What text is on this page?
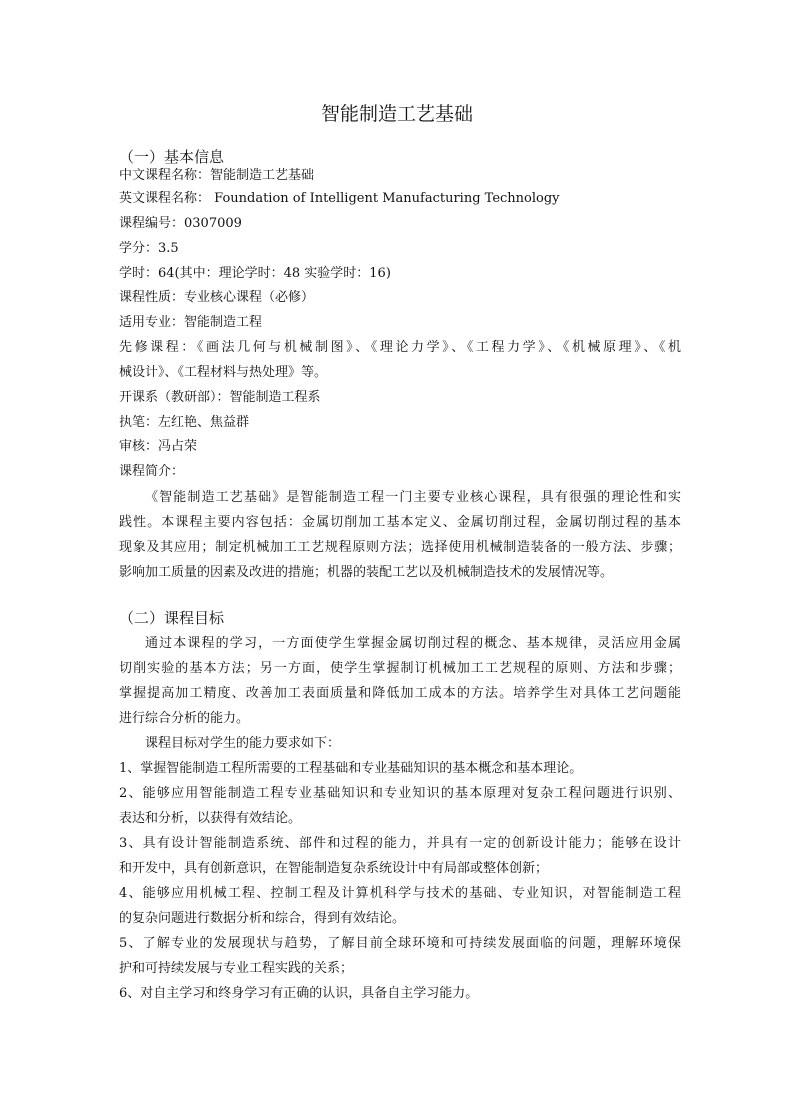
智能制造工艺基础
（一）基本信息
中文课程名称：智能制造工艺基础
英文课程名称： Foundation of Intelligent Manufacturing Technology
课程编号：0307009
学分：3.5
学时：64(其中：理论学时：48 实验学时：16)
课程性质：专业核心课程（必修）
适用专业：智能制造工程
先修课程：《画法几何与机械制图》、《理论力学》、《工程力学》、《机械原理》、《机
械设计》、《工程材料与热处理》等。
开课系（教研部）：智能制造工程系
执笔：左红艳、焦益群
审核：冯占荣
课程简介：
《智能制造工艺基础》是智能制造工程一门主要专业核心课程，具有很强的理论性和实
践性。本课程主要内容包括：金属切削加工基本定义、金属切削过程，金属切削过程的基本
现象及其应用；制定机械加工工艺规程原则方法；选择使用机械制造装备的一般方法、步骤；
影响加工质量的因素及改进的措施；机器的装配工艺以及机械制造技术的发展情况等。
（二）课程目标
通过本课程的学习，一方面使学生掌握金属切削过程的概念、基本规律，灵活应用金属
切削实验的基本方法；另一方面，使学生掌握制订机械加工工艺规程的原则、方法和步骤；
掌握提高加工精度、改善加工表面质量和降低加工成本的方法。培养学生对具体工艺问题能
进行综合分析的能力。
课程目标对学生的能力要求如下：
1、掌握智能制造工程所需要的工程基础和专业基础知识的基本概念和基本理论。
2、能够应用智能制造工程专业基础知识和专业知识的基本原理对复杂工程问题进行识别、
表达和分析，以获得有效结论。
3、具有设计智能制造系统、部件和过程的能力，并具有一定的创新设计能力；能够在设计
和开发中，具有创新意识，在智能制造复杂系统设计中有局部或整体创新；
4、能够应用机械工程、控制工程及计算机科学与技术的基础、专业知识，对智能制造工程
的复杂问题进行数据分析和综合，得到有效结论。
5、了解专业的发展现状与趋势，了解目前全球环境和可持续发展面临的问题，理解环境保
护和可持续发展与专业工程实践的关系；
6、对自主学习和终身学习有正确的认识，具备自主学习能力。
